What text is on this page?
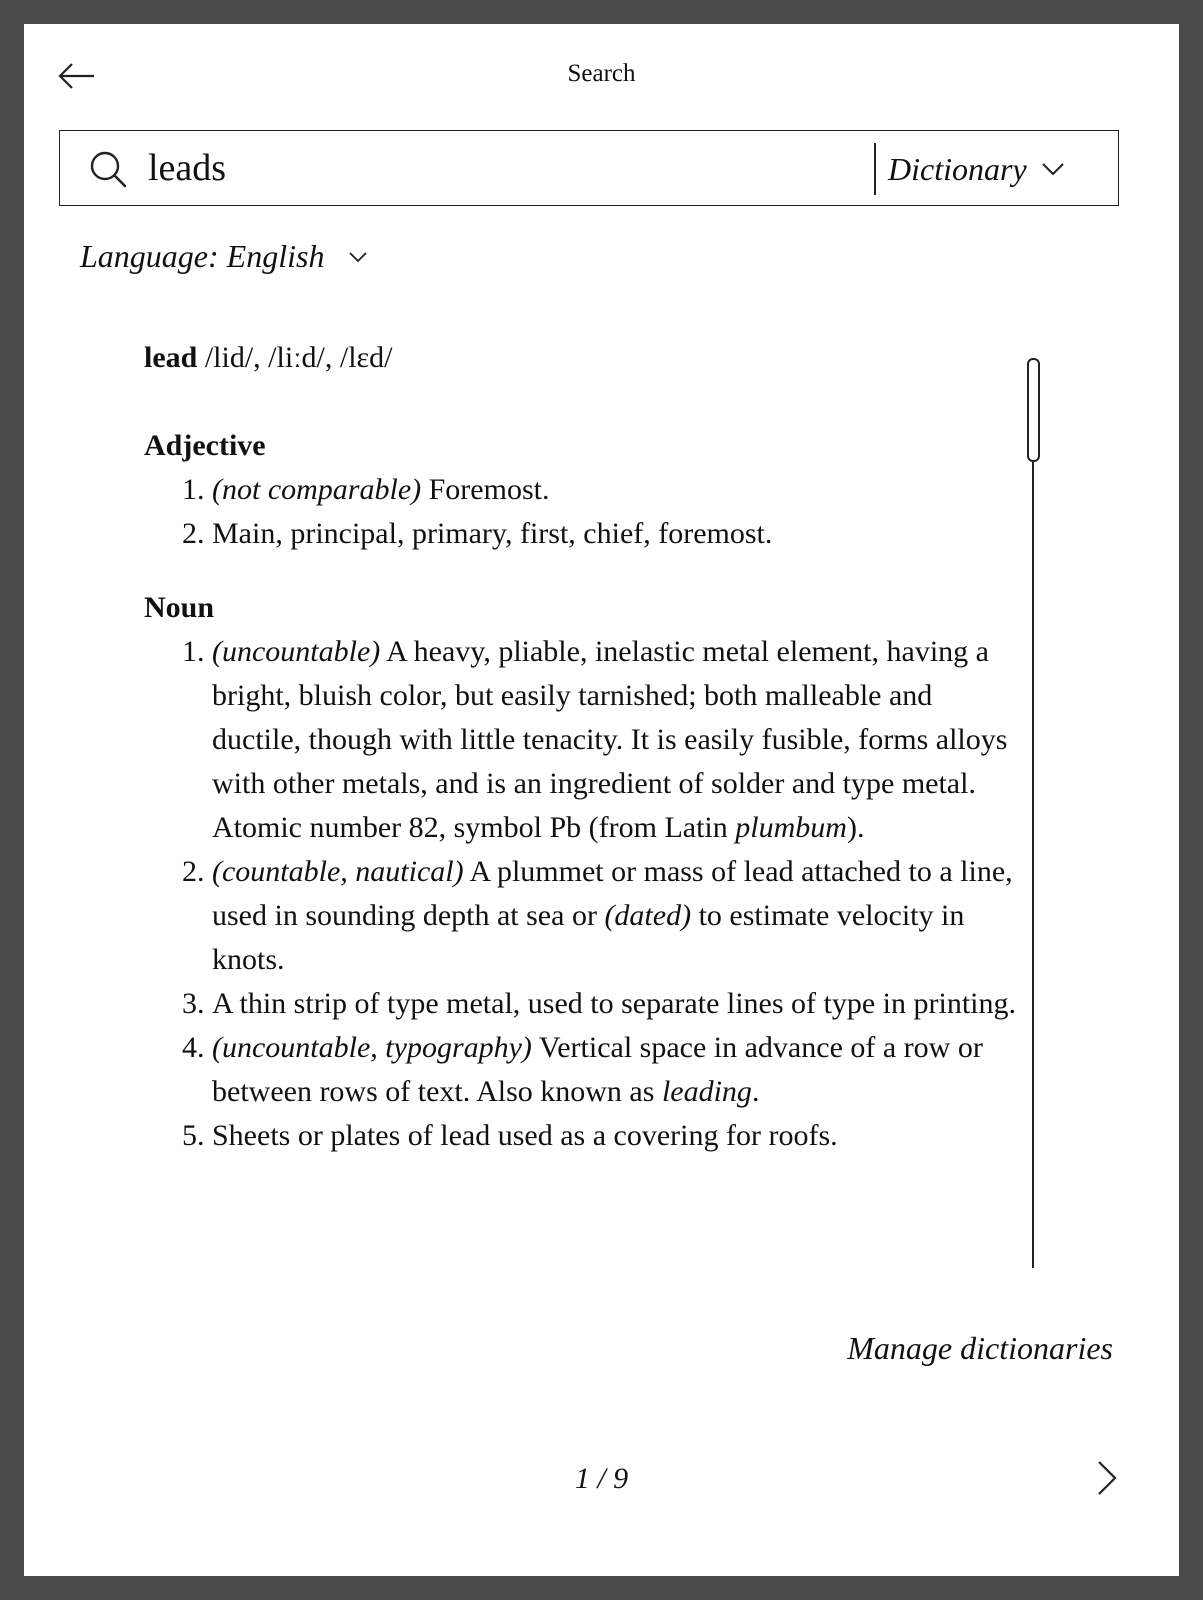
Search
leads
Dictionary
Language: English

lead /lid/, /liːd/, /lɛd/

Adjective

1. (not comparable) Foremost.
2. Main, principal, primary, first, chief, foremost.

Noun

1. (uncountable) A heavy, pliable, inelastic metal element, having a bright, bluish color, but easily tarnished; both malleable and ductile, though with little tenacity. It is easily fusible, forms alloys with other metals, and is an ingredient of solder and type metal. Atomic number 82, symbol Pb (from Latin plumbum).
2. (countable, nautical) A plummet or mass of lead attached to a line, used in sounding depth at sea or (dated) to estimate velocity in knots.
3. A thin strip of type metal, used to separate lines of type in printing.
4. (uncountable, typography) Vertical space in advance of a row or between rows of text. Also known as leading.
5. Sheets or plates of lead used as a covering for roofs.
Manage dictionaries
1 / 9
